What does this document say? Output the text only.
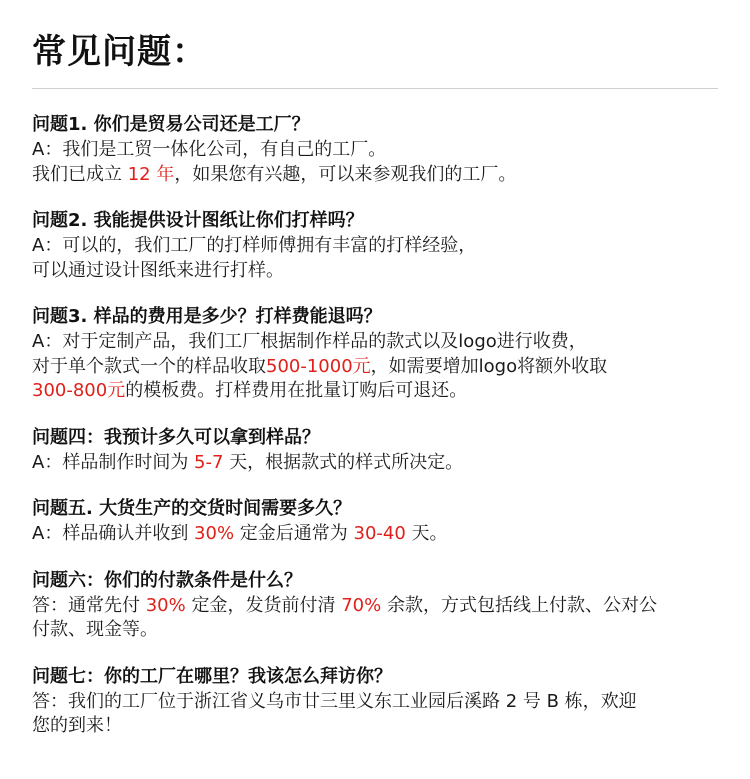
常见问题：
问题1. 你们是贸易公司还是工厂？
A：我们是工贸一体化公司，有自己的工厂。
我们已成立 12 年，如果您有兴趣，可以来参观我们的工厂。
问题2. 我能提供设计图纸让你们打样吗？
A：可以的，我们工厂的打样师傅拥有丰富的打样经验，
可以通过设计图纸来进行打样。
问题3. 样品的费用是多少？打样费能退吗？
A：对于定制产品，我们工厂根据制作样品的款式以及logo进行收费，
对于单个款式一个的样品收取500-1000元，如需要增加logo将额外收取
300-800元的模板费。打样费用在批量订购后可退还。
问题四：我预计多久可以拿到样品？
A：样品制作时间为 5-7 天，根据款式的样式所决定。
问题五. 大货生产的交货时间需要多久？
A：样品确认并收到 30% 定金后通常为 30-40 天。
问题六：你们的付款条件是什么？
答：通常先付 30% 定金，发货前付清 70% 余款，方式包括线上付款、公对公
付款、现金等。
问题七：你的工厂在哪里？我该怎么拜访你？
答：我们的工厂位于浙江省义乌市廿三里义东工业园后溪路 2 号 B 栋，欢迎
您的到来！
